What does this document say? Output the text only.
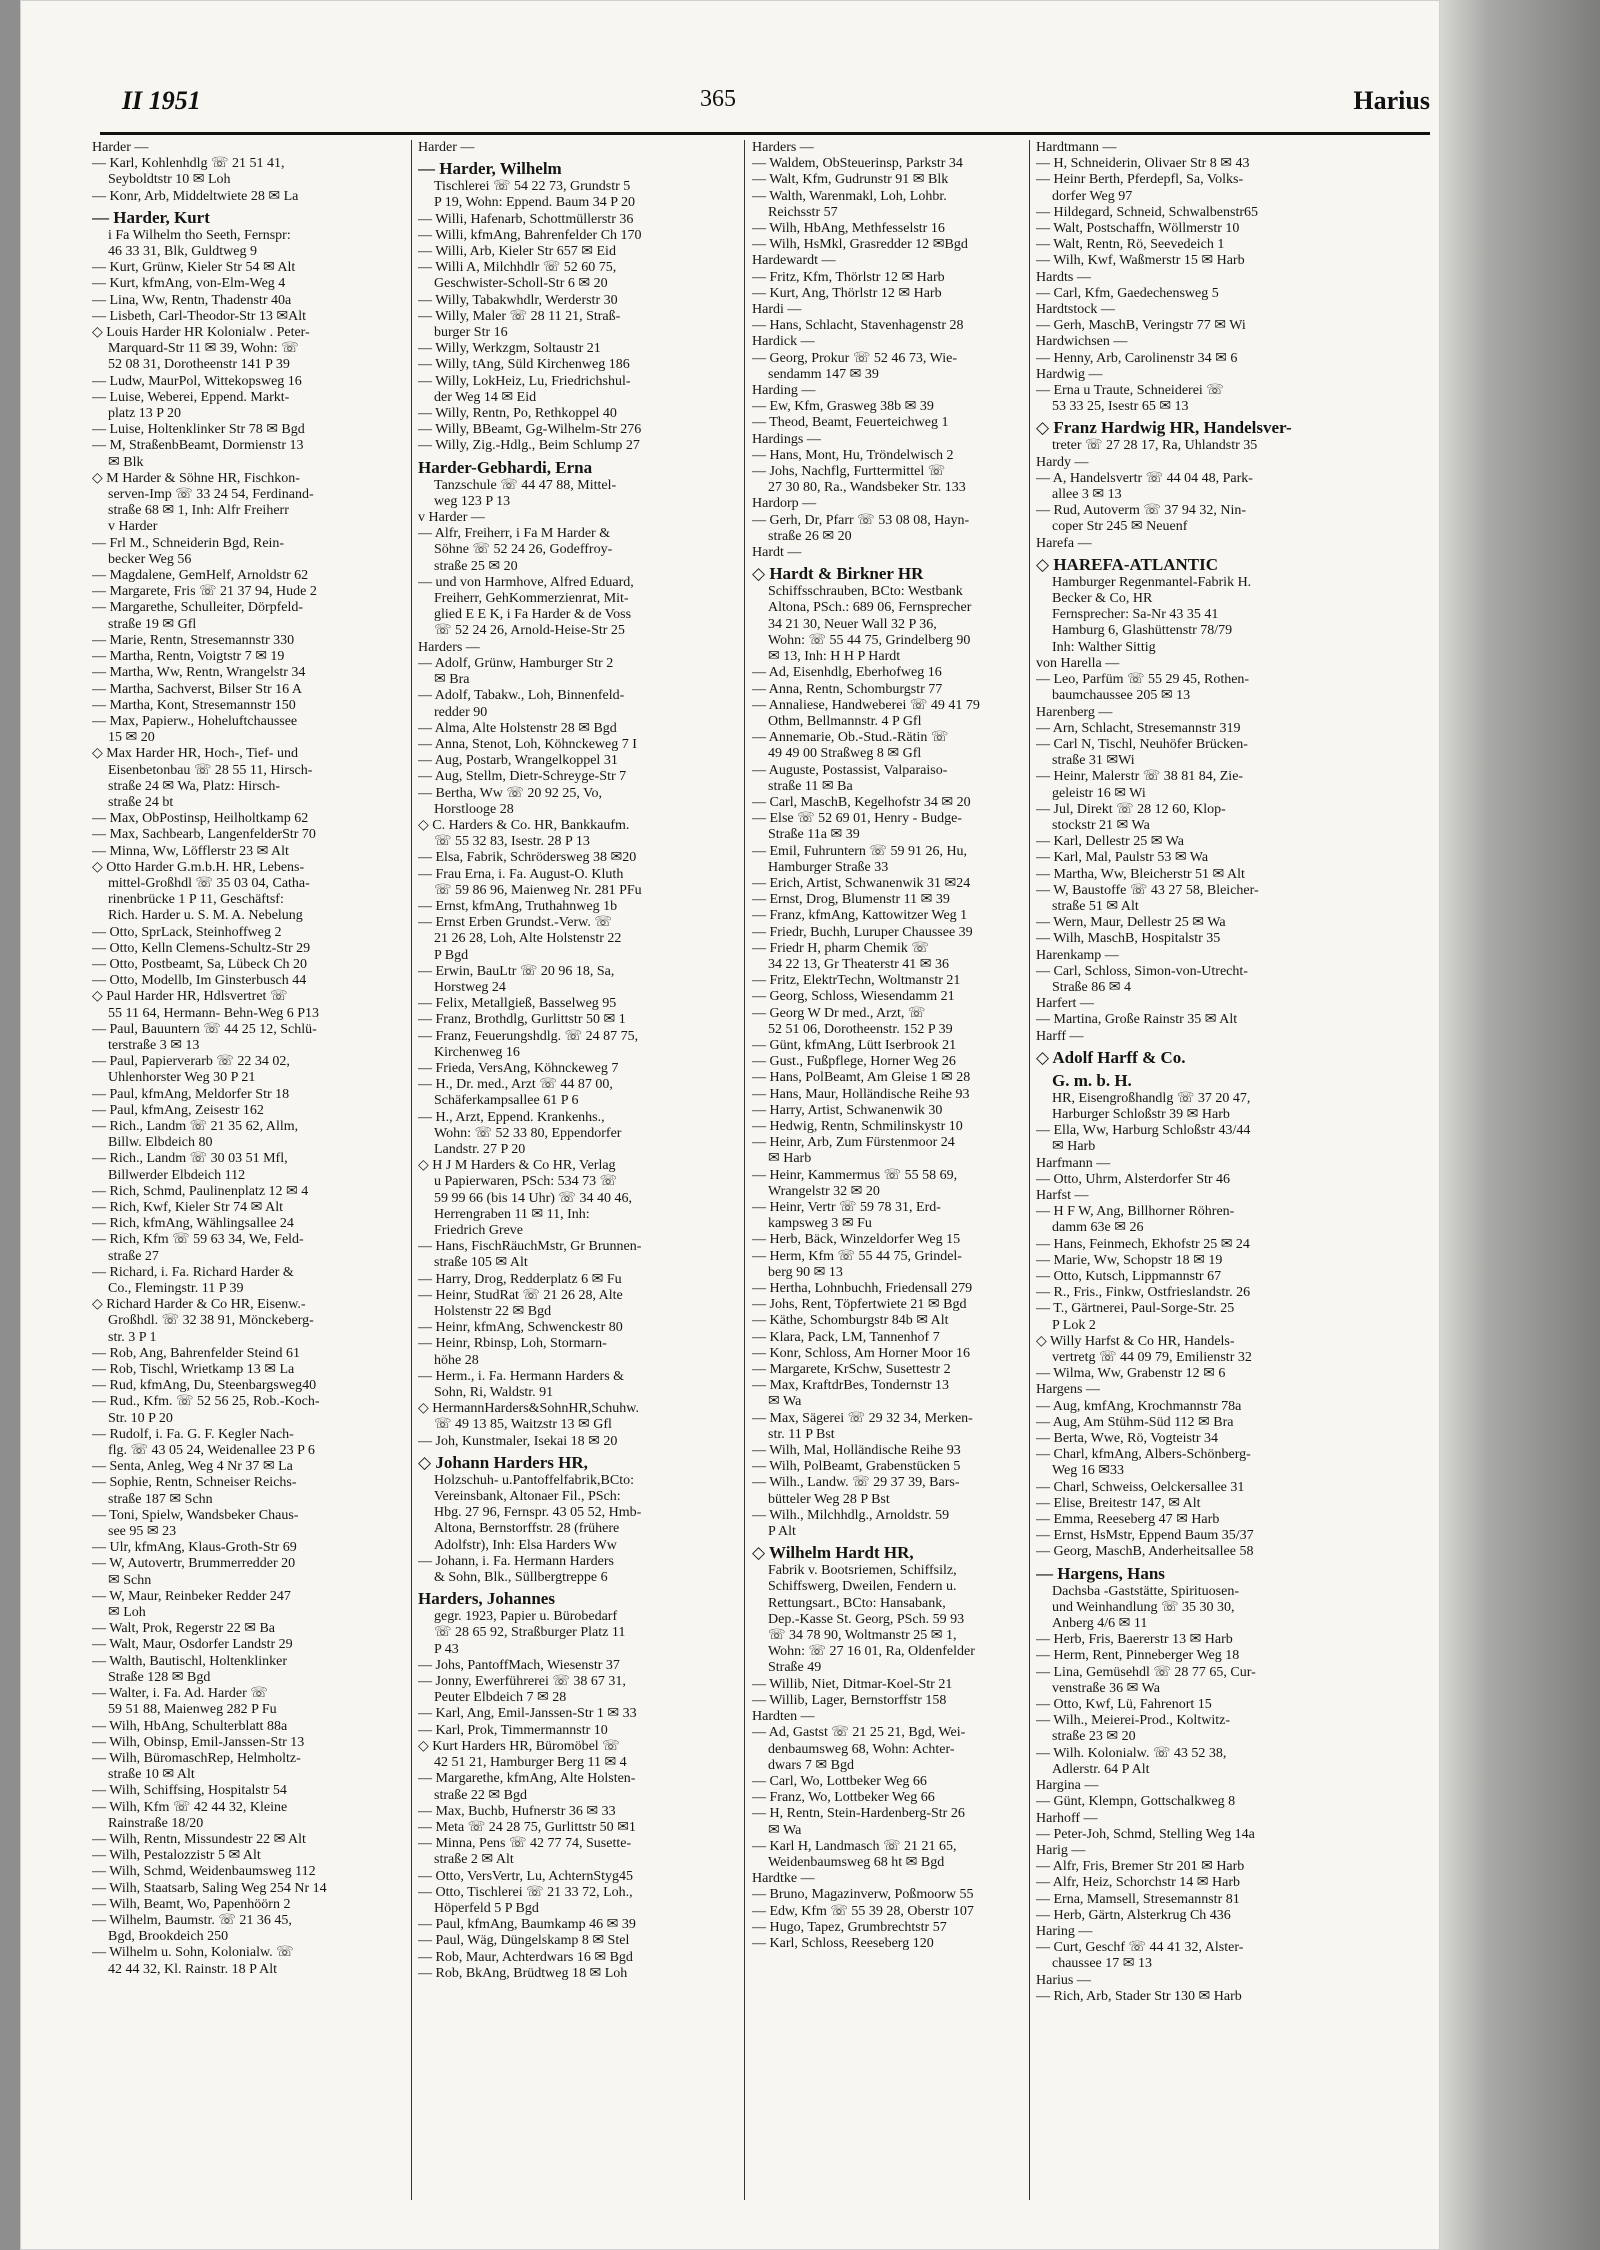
II 1951	365	Harius
Harder —
— Karl, Kohlenhdlg ☏ 21 51 41,
Seyboldtstr 10 ✉ Loh
— Konr, Arb, Middeltwiete 28 ✉ La
— Harder, Kurt
i Fa Wilhelm tho Seeth, Fernspr:
46 33 31, Blk, Guldtweg 9
— Kurt, Grünw, Kieler Str 54 ✉ Alt
— Kurt, kfmAng, von-Elm-Weg 4
— Lina, Ww, Rentn, Thadenstr 40a
— Lisbeth, Carl-Theodor-Str 13 ✉Alt
◇ Louis Harder HR Kolonialw . Peter-
Marquard-Str 11 ✉ 39, Wohn: ☏
52 08 31, Dorotheenstr 141 P 39
— Ludw, MaurPol, Wittekopsweg 16
— Luise, Weberei, Eppend. Markt-
platz 13 P 20
— Luise, Holtenklinker Str 78 ✉ Bgd
— M, StraßenbBeamt, Dormienstr 13
✉ Blk
◇ M Harder & Söhne HR, Fischkon-
serven-Imp ☏ 33 24 54, Ferdinand-
straße 68 ✉ 1, Inh: Alfr Freiherr
v Harder
— Frl M., Schneiderin Bgd, Rein-
becker Weg 56
— Magdalene, GemHelf, Arnoldstr 62
— Margarete, Fris ☏ 21 37 94, Hude 2
— Margarethe, Schulleiter, Dörpfeld-
straße 19 ✉ Gfl
— Marie, Rentn, Stresemannstr 330
— Martha, Rentn, Voigtstr 7 ✉ 19
— Martha, Ww, Rentn, Wrangelstr 34
— Martha, Sachverst, Bilser Str 16 A
— Martha, Kont, Stresemannstr 150
— Max, Papierw., Hoheluftchaussee
15 ✉ 20
◇ Max Harder HR, Hoch-, Tief- und
Eisenbetonbau ☏ 28 55 11, Hirsch-
straße 24 ✉ Wa, Platz: Hirsch-
straße 24 bt
— Max, ObPostinsp, Heilholtkamp 62
— Max, Sachbearb, LangenfelderStr 70
— Minna, Ww, Löfflerstr 23 ✉ Alt
◇ Otto Harder G.m.b.H. HR, Lebens-
mittel-Großhdl ☏ 35 03 04, Catha-
rinenbrücke 1 P 11, Geschäftsf:
Rich. Harder u. S. M. A. Nebelung
— Otto, SprLack, Steinhoffweg 2
— Otto, Kelln Clemens-Schultz-Str 29
— Otto, Postbeamt, Sa, Lübeck Ch 20
— Otto, Modellb, Im Ginsterbusch 44
◇ Paul Harder HR, Hdlsvertret ☏
55 11 64, Hermann- Behn-Weg 6 P13
— Paul, Bauuntern ☏ 44 25 12, Schlü-
terstraße 3 ✉ 13
— Paul, Papierverarb ☏ 22 34 02,
Uhlenhorster Weg 30 P 21
— Paul, kfmAng, Meldorfer Str 18
— Paul, kfmAng, Zeisestr 162
— Rich., Landm ☏ 21 35 62, Allm,
Billw. Elbdeich 80
— Rich., Landm ☏ 30 03 51 Mfl,
Billwerder Elbdeich 112
— Rich, Schmd, Paulinenplatz 12 ✉ 4
— Rich, Kwf, Kieler Str 74 ✉ Alt
— Rich, kfmAng, Wählingsallee 24
— Rich, Kfm ☏ 59 63 34, We, Feld-
straße 27
— Richard, i. Fa. Richard Harder &
Co., Flemingstr. 11 P 39
◇ Richard Harder & Co HR, Eisenw.-
Großhdl. ☏ 32 38 91, Mönckeberg-
str. 3 P 1
— Rob, Ang, Bahrenfelder Steind 61
— Rob, Tischl, Wrietkamp 13 ✉ La
— Rud, kfmAng, Du, Steenbargsweg40
— Rud., Kfm. ☏ 52 56 25, Rob.-Koch-
Str. 10 P 20
— Rudolf, i. Fa. G. F. Kegler Nach-
flg. ☏ 43 05 24, Weidenallee 23 P 6
— Senta, Anleg, Weg 4 Nr 37 ✉ La
— Sophie, Rentn, Schneiser Reichs-
straße 187 ✉ Schn
— Toni, Spielw, Wandsbeker Chaus-
see 95 ✉ 23
— Ulr, kfmAng, Klaus-Groth-Str 69
— W, Autovertr, Brummerredder 20
✉ Schn
— W, Maur, Reinbeker Redder 247
✉ Loh
— Walt, Prok, Regerstr 22 ✉ Ba
— Walt, Maur, Osdorfer Landstr 29
— Walth, Bautischl, Holtenklinker
Straße 128 ✉ Bgd
— Walter, i. Fa. Ad. Harder ☏
59 51 88, Maienweg 282 P Fu
— Wilh, HbAng, Schulterblatt 88a
— Wilh, Obinsp, Emil-Janssen-Str 13
— Wilh, BüromaschRep, Helmholtz-
straße 10 ✉ Alt
— Wilh, Schiffsing, Hospitalstr 54
— Wilh, Kfm ☏ 42 44 32, Kleine
Rainstraße 18/20
— Wilh, Rentn, Missundestr 22 ✉ Alt
— Wilh, Pestalozzistr 5 ✉ Alt
— Wilh, Schmd, Weidenbaumsweg 112
— Wilh, Staatsarb, Saling Weg 254 Nr 14
— Wilh, Beamt, Wo, Papenhöörn 2
— Wilhelm, Baumstr. ☏ 21 36 45,
Bgd, Brookdeich 250
— Wilhelm u. Sohn, Kolonialw. ☏
42 44 32, Kl. Rainstr. 18 P Alt
Harder —
— Harder, Wilhelm
Tischlerei ☏ 54 22 73, Grundstr 5
P 19, Wohn: Eppend. Baum 34 P 20
— Willi, Hafenarb, Schottmüllerstr 36
— Willi, kfmAng, Bahrenfelder Ch 170
— Willi, Arb, Kieler Str 657 ✉ Eid
— Willi A, Milchhdlr ☏ 52 60 75,
Geschwister-Scholl-Str 6 ✉ 20
— Willy, Tabakwhdlr, Werderstr 30
— Willy, Maler ☏ 28 11 21, Straß-
burger Str 16
— Willy, Werkzgm, Soltaustr 21
— Willy, tAng, Süld Kirchenweg 186
— Willy, LokHeiz, Lu, Friedrichshul-
der Weg 14 ✉ Eid
— Willy, Rentn, Po, Rethkoppel 40
— Willy, BBeamt, Gg-Wilhelm-Str 276
— Willy, Zig.-Hdlg., Beim Schlump 27
Harder-Gebhardi, Erna
Tanzschule ☏ 44 47 88, Mittel-
weg 123 P 13
v Harder —
— Alfr, Freiherr, i Fa M Harder &
Söhne ☏ 52 24 26, Godeffroy-
straße 25 ✉ 20
— und von Harmhove, Alfred Eduard,
Freiherr, GehKommerzienrat, Mit-
glied E E K, i Fa Harder & de Voss
☏ 52 24 26, Arnold-Heise-Str 25
Harders —
— Adolf, Grünw, Hamburger Str 2
✉ Bra
— Adolf, Tabakw., Loh, Binnenfeld-
redder 90
— Alma, Alte Holstenstr 28 ✉ Bgd
— Anna, Stenot, Loh, Köhnckeweg 7 I
— Aug, Postarb, Wrangelkoppel 31
— Aug, Stellm, Dietr-Schreyge-Str 7
— Bertha, Ww ☏ 20 92 25, Vo,
Horstlooge 28
◇ C. Harders & Co. HR, Bankkaufm.
☏ 55 32 83, Isestr. 28 P 13
— Elsa, Fabrik, Schrödersweg 38 ✉20
— Frau Erna, i. Fa. August-O. Kluth
☏ 59 86 96, Maienweg Nr. 281 PFu
— Ernst, kfmAng, Truthahnweg 1b
— Ernst Erben Grundst.-Verw. ☏
21 26 28, Loh, Alte Holstenstr 22
P Bgd
— Erwin, BauLtr ☏ 20 96 18, Sa,
Horstweg 24
— Felix, Metallgieß, Basselweg 95
— Franz, Brothdlg, Gurlittstr 50 ✉ 1
— Franz, Feuerungshdlg. ☏ 24 87 75,
Kirchenweg 16
— Frieda, VersAng, Köhnckeweg 7
— H., Dr. med., Arzt ☏ 44 87 00,
Schäferkampsallee 61 P 6
— H., Arzt, Eppend. Krankenhs.,
Wohn: ☏ 52 33 80, Eppendorfer
Landstr. 27 P 20
◇ H J M Harders & Co HR, Verlag
u Papierwaren, PSch: 534 73 ☏
59 99 66 (bis 14 Uhr) ☏ 34 40 46,
Herrengraben 11 ✉ 11, Inh:
Friedrich Greve
— Hans, FischRäuchMstr, Gr Brunnen-
straße 105 ✉ Alt
— Harry, Drog, Redderplatz 6 ✉ Fu
— Heinr, StudRat ☏ 21 26 28, Alte
Holstenstr 22 ✉ Bgd
— Heinr, kfmAng, Schwenckestr 80
— Heinr, Rbinsp, Loh, Stormarn-
höhe 28
— Herm., i. Fa. Hermann Harders &
Sohn, Ri, Waldstr. 91
◇ HermannHarders&SohnHR,Schuhw.
☏ 49 13 85, Waitzstr 13 ✉ Gfl
— Joh, Kunstmaler, Isekai 18 ✉ 20
◇ Johann Harders HR,
Holzschuh- u.Pantoffelfabrik,BCto:
Vereinsbank, Altonaer Fil., PSch:
Hbg. 27 96, Fernspr. 43 05 52, Hmb-
Altona, Bernstorffstr. 28 (frühere
Adolfstr), Inh: Elsa Harders Ww
— Johann, i. Fa. Hermann Harders
& Sohn, Blk., Süllbergtreppe 6
Harders, Johannes
gegr. 1923, Papier u. Bürobedarf
☏ 28 65 92, Straßburger Platz 11
P 43
— Johs, PantoffMach, Wiesenstr 37
— Jonny, Ewerführerei ☏ 38 67 31,
Peuter Elbdeich 7 ✉ 28
— Karl, Ang, Emil-Janssen-Str 1 ✉ 33
— Karl, Prok, Timmermannstr 10
◇ Kurt Harders HR, Büromöbel ☏
42 51 21, Hamburger Berg 11 ✉ 4
— Margarethe, kfmAng, Alte Holsten-
straße 22 ✉ Bgd
— Max, Buchb, Hufnerstr 36 ✉ 33
— Meta ☏ 24 28 75, Gurlittstr 50 ✉1
— Minna, Pens ☏ 42 77 74, Susette-
straße 2 ✉ Alt
— Otto, VersVertr, Lu, AchternStyg45
— Otto, Tischlerei ☏ 21 33 72, Loh.,
Höperfeld 5 P Bgd
— Paul, kfmAng, Baumkamp 46 ✉ 39
— Paul, Wäg, Düngelskamp 8 ✉ Stel
— Rob, Maur, Achterdwars 16 ✉ Bgd
— Rob, BkAng, Brüdtweg 18 ✉ Loh
Harders —
— Waldem, ObSteuerinsp, Parkstr 34
— Walt, Kfm, Gudrunstr 91 ✉ Blk
— Walth, Warenmakl, Loh, Lohbr.
Reichsstr 57
— Wilh, HbAng, Methfesselstr 16
— Wilh, HsMkl, Grasredder 12 ✉Bgd
Hardewardt —
— Fritz, Kfm, Thörlstr 12 ✉ Harb
— Kurt, Ang, Thörlstr 12 ✉ Harb
Hardi —
— Hans, Schlacht, Stavenhagenstr 28
Hardick —
— Georg, Prokur ☏ 52 46 73, Wie-
sendamm 147 ✉ 39
Harding —
— Ew, Kfm, Grasweg 38b ✉ 39
— Theod, Beamt, Feuerteichweg 1
Hardings —
— Hans, Mont, Hu, Tröndelwisch 2
— Johs, Nachflg, Furttermittel ☏
27 30 80, Ra., Wandsbeker Str. 133
Hardorp —
— Gerh, Dr, Pfarr ☏ 53 08 08, Hayn-
straße 26 ✉ 20
Hardt —
◇ Hardt & Birkner HR
Schiffsschrauben, BCto: Westbank
Altona, PSch.: 689 06, Fernsprecher
34 21 30, Neuer Wall 32 P 36,
Wohn: ☏ 55 44 75, Grindelberg 90
✉ 13, Inh: H H P Hardt
— Ad, Eisenhdlg, Eberhofweg 16
— Anna, Rentn, Schomburgstr 77
— Annaliese, Handweberei ☏ 49 41 79
Othm, Bellmannstr. 4 P Gfl
— Annemarie, Ob.-Stud.-Rätin ☏
49 49 00 Straßweg 8 ✉ Gfl
— Auguste, Postassist, Valparaiso-
straße 11 ✉ Ba
— Carl, MaschB, Kegelhofstr 34 ✉ 20
— Else ☏ 52 69 01, Henry - Budge-
Straße 11a ✉ 39
— Emil, Fuhruntern ☏ 59 91 26, Hu,
Hamburger Straße 33
— Erich, Artist, Schwanenwik 31 ✉24
— Ernst, Drog, Blumenstr 11 ✉ 39
— Franz, kfmAng, Kattowitzer Weg 1
— Friedr, Buchh, Luruper Chaussee 39
— Friedr H, pharm Chemik ☏
34 22 13, Gr Theaterstr 41 ✉ 36
— Fritz, ElektrTechn, Woltmanstr 21
— Georg, Schloss, Wiesendamm 21
— Georg W Dr med., Arzt, ☏
52 51 06, Dorotheenstr. 152 P 39
— Günt, kfmAng, Lütt Iserbrook 21
— Gust., Fußpflege, Horner Weg 26
— Hans, PolBeamt, Am Gleise 1 ✉ 28
— Hans, Maur, Holländische Reihe 93
— Harry, Artist, Schwanenwik 30
— Hedwig, Rentn, Schmilinskystr 10
— Heinr, Arb, Zum Fürstenmoor 24
✉ Harb
— Heinr, Kammermus ☏ 55 58 69,
Wrangelstr 32 ✉ 20
— Heinr, Vertr ☏ 59 78 31, Erd-
kampsweg 3 ✉ Fu
— Herb, Bäck, Winzeldorfer Weg 15
— Herm, Kfm ☏ 55 44 75, Grindel-
berg 90 ✉ 13
— Hertha, Lohnbuchh, Friedensall 279
— Johs, Rent, Töpfertwiete 21 ✉ Bgd
— Käthe, Schomburgstr 84b ✉ Alt
— Klara, Pack, LM, Tannenhof 7
— Konr, Schloss, Am Horner Moor 16
— Margarete, KrSchw, Susettestr 2
— Max, KraftdrBes, Tondernstr 13
✉ Wa
— Max, Sägerei ☏ 29 32 34, Merken-
str. 11 P Bst
— Wilh, Mal, Holländische Reihe 93
— Wilh, PolBeamt, Grabenstücken 5
— Wilh., Landw. ☏ 29 37 39, Bars-
bütteler Weg 28 P Bst
— Wilh., Milchhdlg., Arnoldstr. 59
P Alt
◇ Wilhelm Hardt HR,
Fabrik v. Bootsriemen, Schiffsilz,
Schiffswerg, Dweilen, Fendern u.
Rettungsart., BCto: Hansabank,
Dep.-Kasse St. Georg, PSch. 59 93
☏ 34 78 90, Woltmanstr 25 ✉ 1,
Wohn: ☏ 27 16 01, Ra, Oldenfelder
Straße 49
— Willib, Niet, Ditmar-Koel-Str 21
— Willib, Lager, Bernstorffstr 158
Hardten —
— Ad, Gastst ☏ 21 25 21, Bgd, Wei-
denbaumsweg 68, Wohn: Achter-
dwars 7 ✉ Bgd
— Carl, Wo, Lottbeker Weg 66
— Franz, Wo, Lottbeker Weg 66
— H, Rentn, Stein-Hardenberg-Str 26
✉ Wa
— Karl H, Landmasch ☏ 21 21 65,
Weidenbaumsweg 68 ht ✉ Bgd
Hardtke —
— Bruno, Magazinverw, Poßmoorw 55
— Edw, Kfm ☏ 55 39 28, Oberstr 107
— Hugo, Tapez, Grumbrechtstr 57
— Karl, Schloss, Reeseberg 120
Hardtmann —
— H, Schneiderin, Olivaer Str 8 ✉ 43
— Heinr Berth, Pferdepfl, Sa, Volks-
dorfer Weg 97
— Hildegard, Schneid, Schwalbenstr65
— Walt, Postschaffn, Wöllmerstr 10
— Walt, Rentn, Rö, Seevedeich 1
— Wilh, Kwf, Waßmerstr 15 ✉ Harb
Hardts —
— Carl, Kfm, Gaedechensweg 5
Hardtstock —
— Gerh, MaschB, Veringstr 77 ✉ Wi
Hardwichsen —
— Henny, Arb, Carolinenstr 34 ✉ 6
Hardwig —
— Erna u Traute, Schneiderei ☏
53 33 25, Isestr 65 ✉ 13
◇ Franz Hardwig HR, Handelsver-
treter ☏ 27 28 17, Ra, Uhlandstr 35
Hardy —
— A, Handelsvertr ☏ 44 04 48, Park-
allee 3 ✉ 13
— Rud, Autoverm ☏ 37 94 32, Nin-
coper Str 245 ✉ Neuenf
Harefa —
◇ HAREFA-ATLANTIC
Hamburger Regenmantel-Fabrik H.
Becker & Co, HR
Fernsprecher: Sa-Nr 43 35 41
Hamburg 6, Glashüttenstr 78/79
Inh: Walther Sittig
von Harella —
— Leo, Parfüm ☏ 55 29 45, Rothen-
baumchaussee 205 ✉ 13
Harenberg —
— Arn, Schlacht, Stresemannstr 319
— Carl N, Tischl, Neuhöfer Brücken-
straße 31 ✉Wi
— Heinr, Malerstr ☏ 38 81 84, Zie-
geleistr 16 ✉ Wi
— Jul, Direkt ☏ 28 12 60, Klop-
stockstr 21 ✉ Wa
— Karl, Dellestr 25 ✉ Wa
— Karl, Mal, Paulstr 53 ✉ Wa
— Martha, Ww, Bleicherstr 51 ✉ Alt
— W, Baustoffe ☏ 43 27 58, Bleicher-
straße 51 ✉ Alt
— Wern, Maur, Dellestr 25 ✉ Wa
— Wilh, MaschB, Hospitalstr 35
Harenkamp —
— Carl, Schloss, Simon-von-Utrecht-
Straße 86 ✉ 4
Harfert —
— Martina, Große Rainstr 35 ✉ Alt
Harff —
◇ Adolf Harff & Co.
G. m. b. H.
HR, Eisengroßhandlg ☏ 37 20 47,
Harburger Schloßstr 39 ✉ Harb
— Ella, Ww, Harburg Schloßstr 43/44
✉ Harb
Harfmann —
— Otto, Uhrm, Alsterdorfer Str 46
Harfst —
— H F W, Ang, Billhorner Röhren-
damm 63e ✉ 26
— Hans, Feinmech, Ekhofstr 25 ✉ 24
— Marie, Ww, Schopstr 18 ✉ 19
— Otto, Kutsch, Lippmannstr 67
— R., Fris., Finkw, Ostfrieslandstr. 26
— T., Gärtnerei, Paul-Sorge-Str. 25
P Lok 2
◇ Willy Harfst & Co HR, Handels-
vertretg ☏ 44 09 79, Emilienstr 32
— Wilma, Ww, Grabenstr 12 ✉ 6
Hargens —
— Aug, kmfAng, Krochmannstr 78a
— Aug, Am Stühm-Süd 112 ✉ Bra
— Berta, Wwe, Rö, Vogteistr 34
— Charl, kfmAng, Albers-Schönberg-
Weg 16 ✉33
— Charl, Schweiss, Oelckersallee 31
— Elise, Breitestr 147, ✉ Alt
— Emma, Reeseberg 47 ✉ Harb
— Ernst, HsMstr, Eppend Baum 35/37
— Georg, MaschB, Anderheitsallee 58
— Hargens, Hans
Dachsba -Gaststätte, Spirituosen-
und Weinhandlung ☏ 35 30 30,
Anberg 4/6 ✉ 11
— Herb, Fris, Baererstr 13 ✉ Harb
— Herm, Rent, Pinneberger Weg 18
— Lina, Gemüsehdl ☏ 28 77 65, Cur-
venstraße 36 ✉ Wa
— Otto, Kwf, Lü, Fahrenort 15
— Wilh., Meierei-Prod., Koltwitz-
straße 23 ✉ 20
— Wilh. Kolonialw. ☏ 43 52 38,
Adlerstr. 64 P Alt
Hargina —
— Günt, Klempn, Gottschalkweg 8
Harhoff —
— Peter-Joh, Schmd, Stelling Weg 14a
Harig —
— Alfr, Fris, Bremer Str 201 ✉ Harb
— Alfr, Heiz, Schorchstr 14 ✉ Harb
— Erna, Mamsell, Stresemannstr 81
— Herb, Gärtn, Alsterkrug Ch 436
Haring —
— Curt, Geschf ☏ 44 41 32, Alster-
chaussee 17 ✉ 13
Harius —
— Rich, Arb, Stader Str 130 ✉ Harb
